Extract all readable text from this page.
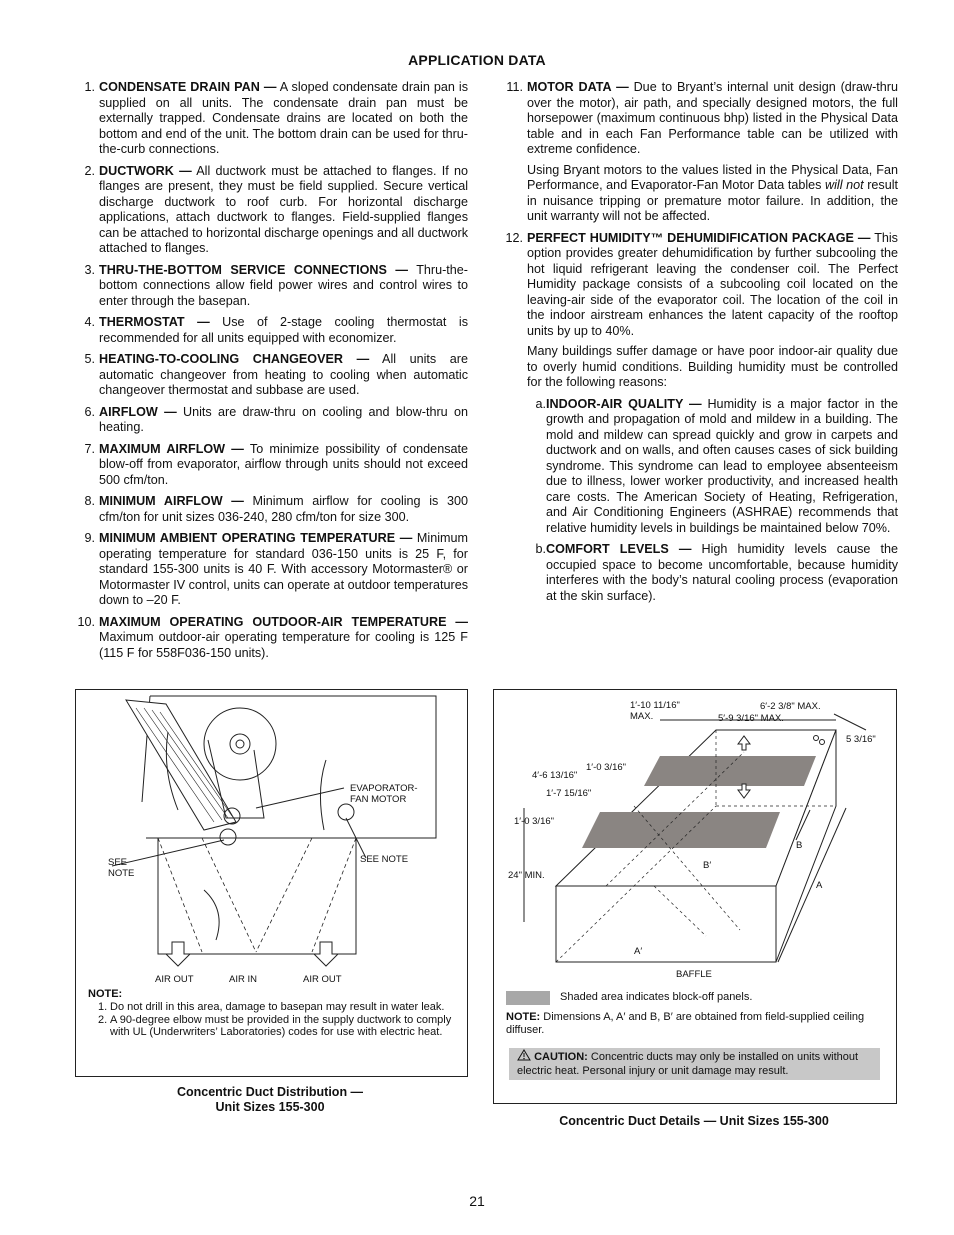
APPLICATION DATA
1. CONDENSATE DRAIN PAN — A sloped condensate drain pan is supplied on all units. The condensate drain pan must be externally trapped. Condensate drains are located on both the bottom and end of the unit. The bottom drain can be used for thru-the-curb connections.
2. DUCTWORK — All ductwork must be attached to flanges. If no flanges are present, they must be field supplied. Secure vertical discharge ductwork to roof curb. For horizontal discharge applications, attach ductwork to flanges. Field-supplied flanges can be attached to horizontal discharge openings and all ductwork attached to flanges.
3. THRU-THE-BOTTOM SERVICE CONNECTIONS — Thru-the-bottom connections allow field power wires and control wires to enter through the basepan.
4. THERMOSTAT — Use of 2-stage cooling thermostat is recommended for all units equipped with economizer.
5. HEATING-TO-COOLING CHANGEOVER — All units are automatic changeover from heating to cooling when automatic changeover thermostat and subbase are used.
6. AIRFLOW — Units are draw-thru on cooling and blow-thru on heating.
7. MAXIMUM AIRFLOW — To minimize possibility of condensate blow-off from evaporator, airflow through units should not exceed 500 cfm/ton.
8. MINIMUM AIRFLOW — Minimum airflow for cooling is 300 cfm/ton for unit sizes 036-240, 280 cfm/ton for size 300.
9. MINIMUM AMBIENT OPERATING TEMPERATURE — Minimum operating temperature for standard 036-150 units is 25 F, for standard 155-300 units is 40 F. With accessory Motormaster® or Motormaster IV control, units can operate at outdoor temperatures down to –20 F.
10. MAXIMUM OPERATING OUTDOOR-AIR TEMPERATURE — Maximum outdoor-air operating temperature for cooling is 125 F (115 F for 558F036-150 units).
11. MOTOR DATA — Due to Bryant’s internal unit design (draw-thru over the motor), air path, and specially designed motors, the full horsepower (maximum continuous bhp) listed in the Physical Data table and in each Fan Performance table can be utilized with extreme confidence.
Using Bryant motors to the values listed in the Physical Data, Fan Performance, and Evaporator-Fan Motor Data tables will not result in nuisance tripping or premature motor failure. In addition, the unit warranty will not be affected.
12. PERFECT HUMIDITY™ DEHUMIDIFICATION PACKAGE — This option provides greater dehumidification by further subcooling the hot liquid refrigerant leaving the condenser coil. The Perfect Humidity package consists of a subcooling coil located on the leaving-air side of the evaporator coil. The location of the coil in the indoor airstream enhances the latent capacity of the rooftop units by up to 40%.
Many buildings suffer damage or have poor indoor-air quality due to overly humid conditions. Building humidity must be controlled for the following reasons:
a. INDOOR-AIR QUALITY — Humidity is a major factor in the growth and propagation of mold and mildew in a building. The mold and mildew can spread quickly and grow in carpets and ductwork and on walls, and often causes cases of sick building syndrome. This syndrome can lead to employee absenteeism due to illness, lower worker productivity, and increased health care costs. The American Society of Heating, Refrigeration, and Air Conditioning Engineers (ASHRAE) recommends that relative humidity levels in buildings be maintained below 70%.
b. COMFORT LEVELS — High humidity levels cause the occupied space to become uncomfortable, because humidity interferes with the body’s natural cooling process (evaporation at the skin surface).
EVAPORATOR-
FAN MOTOR
SEE
NOTE
SEE NOTE
AIR OUT	AIR IN	AIR OUT
NOTE:
1. Do not drill in this area, damage to basepan may result in water leak.
2. A 90-degree elbow must be provided in the supply ductwork to comply with UL (Underwriters’ Laboratories) codes for use with electric heat.
Concentric Duct Distribution —
Unit Sizes 155-300
1′-10 11/16"
MAX.
6′-2 3/8" MAX.
5′-9 3/16" MAX.
5 3/16"
4′-6 13/16"
1′-0 3/16"
1′-7 15/16"
1′-0 3/16"
24" MIN.
A
A′
B
B′
BAFFLE
Shaded area indicates block-off panels.
NOTE: Dimensions A, A′ and B, B′ are obtained from field-supplied ceiling diffuser.
CAUTION: Concentric ducts may only be installed on units without electric heat. Personal injury or unit damage may result.
Concentric Duct Details — Unit Sizes 155-300
21
